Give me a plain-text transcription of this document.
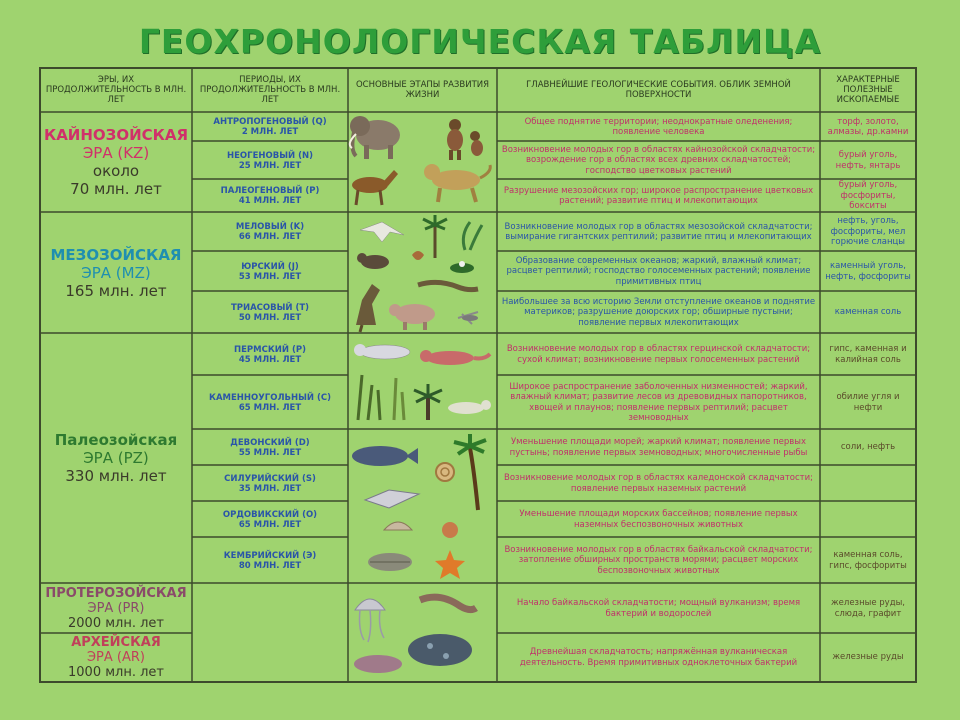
ГЕОХРОНОЛОГИЧЕСКАЯ ТАБЛИЦА
ЭРЫ, ИХ ПРОДОЛЖИТЕЛЬНОСТЬ В МЛН. ЛЕТ
ПЕРИОДЫ, ИХ ПРОДОЛЖИТЕЛЬНОСТЬ В МЛН. ЛЕТ
ОСНОВНЫЕ ЭТАПЫ РАЗВИТИЯ ЖИЗНИ
ГЛАВНЕЙШИЕ ГЕОЛОГИЧЕСКИЕ СОБЫТИЯ. ОБЛИК ЗЕМНОЙ ПОВЕРХНОСТИ
ХАРАКТЕРНЫЕ ПОЛЕЗНЫЕ ИСКОПАЕМЫЕ
КАЙНОЗОЙСКАЯ
ЭРА (KZ)
около
70 млн. лет
МЕЗОЗОЙСКАЯ
ЭРА (MZ)
165 млн. лет
Палеозойская
ЭРА (PZ)
330 млн. лет
ПРОТЕРОЗОЙСКАЯ
ЭРА (PR)
2000 млн. лет
АРХЕЙСКАЯ
ЭРА (AR)
1000 млн. лет
АНТРОПОГЕНОВЫЙ (Q)
2 МЛН. ЛЕТ
НЕОГЕНОВЫЙ (N)
25 МЛН. ЛЕТ
ПАЛЕОГЕНОВЫЙ (P)
41 МЛН. ЛЕТ
МЕЛОВЫЙ (K)
66 МЛН. ЛЕТ
ЮРСКИЙ (J)
53 МЛН. ЛЕТ
ТРИАСОВЫЙ (T)
50 МЛН. ЛЕТ
ПЕРМСКИЙ (P)
45 МЛН. ЛЕТ
КАМЕННОУГОЛЬНЫЙ (C)
65 МЛН. ЛЕТ
ДЕВОНСКИЙ (D)
55 МЛН. ЛЕТ
СИЛУРИЙСКИЙ (S)
35 МЛН. ЛЕТ
ОРДОВИКСКИЙ (O)
65 МЛН. ЛЕТ
КЕМБРИЙСКИЙ (Э)
80 МЛН. ЛЕТ
Общее поднятие территории; неоднократные оледенения; появление человека
Возникновение молодых гор в областях кайнозойской складчатости; возрождение гор в областях всех древних складчатостей; господство цветковых растений
Разрушение мезозойских гор; широкое распространение цветковых растений; развитие птиц и млекопитающих
Возникновение молодых гор в областях мезозойской складчатости; вымирание гигантских рептилий; развитие птиц и млекопитающих
Образование современных океанов; жаркий, влажный климат; расцвет рептилий; господство голосеменных растений; появление примитивных птиц
Наибольшее за всю историю Земли отступление океанов и поднятие материков; разрушение доюрских гор; обширные пустыни; появление первых млекопитающих
Возникновение молодых гор в областях герцинской складчатости; сухой климат; возникновение первых голосеменных растений
Широкое распространение заболоченных низменностей; жаркий, влажный климат; развитие лесов из древовидных папоротников, хвощей и плаунов; появление первых рептилий; расцвет земноводных
Уменьшение площади морей; жаркий климат; появление первых пустынь; появление первых земноводных; многочисленные рыбы
Возникновение молодых гор в областях каледонской складчатости; появление первых наземных растений
Уменьшение площади морских бассейнов; появление первых наземных беспозвоночных животных
Возникновение молодых гор в областях байкальской складчатости; затопление обширных пространств морями; расцвет морских беспозвоночных животных
Начало байкальской складчатости; мощный вулканизм; время бактерий и водорослей
Древнейшая складчатость; напряжённая вулканическая деятельность. Время примитивных одноклеточных бактерий
торф, золото, алмазы, др.камни
бурый уголь, нефть, янтарь
бурый уголь, фосфориты, бокситы
нефть, уголь, фосфориты, мел горючие сланцы
каменный уголь, нефть, фосфориты
каменная соль
гипс, каменная и калийная соль
обилие угля и нефти
соли, нефть
каменная соль, гипс, фосфориты
железные руды, слюда, графит
железные руды
